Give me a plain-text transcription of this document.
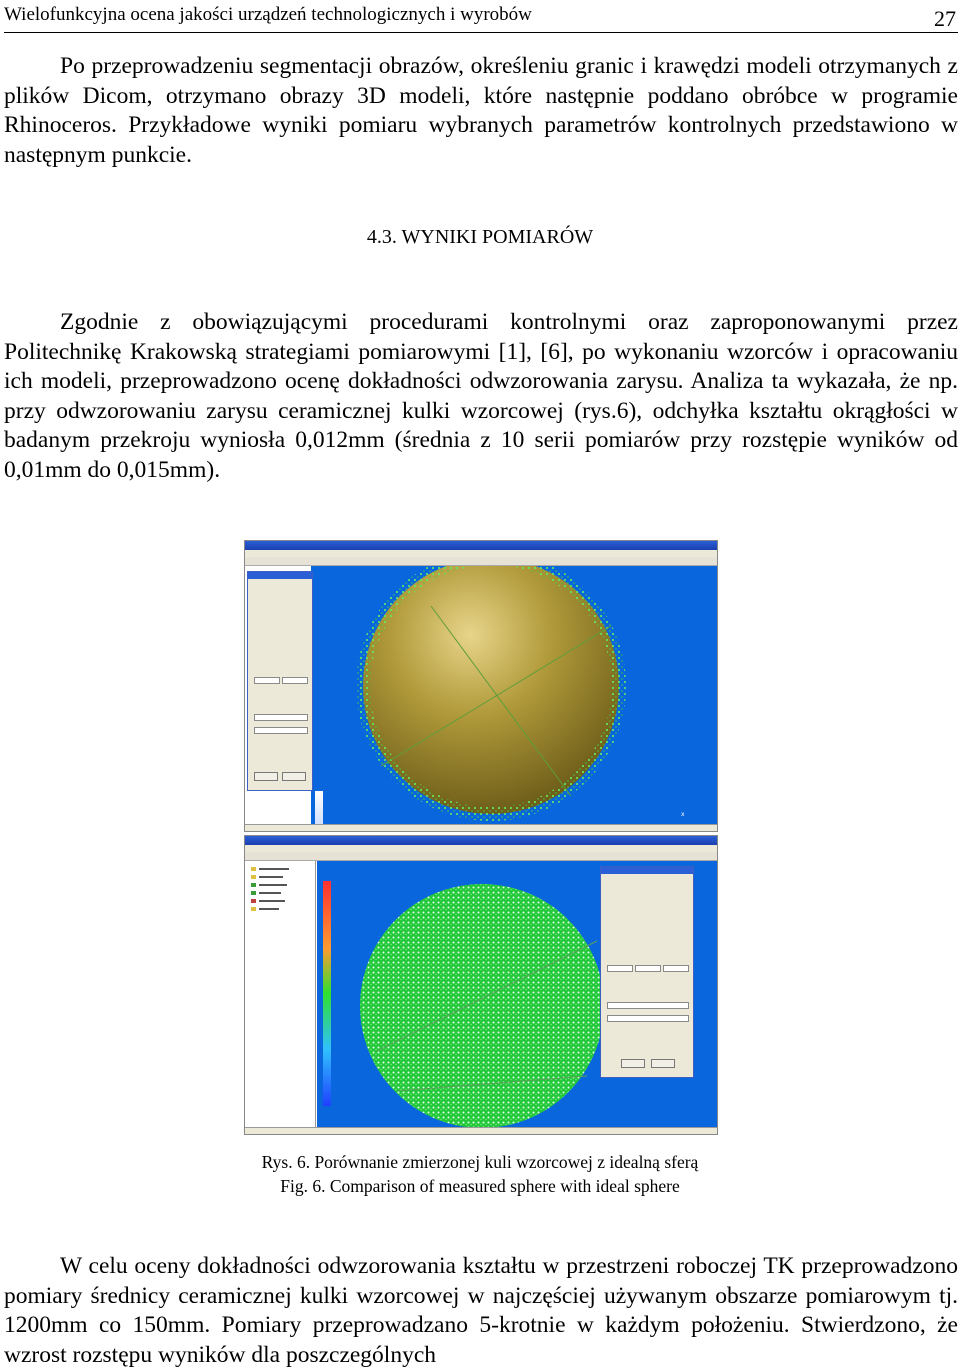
Wielofunkcyjna ocena jakości urządzeń technologicznych i wyrobów	27

Po przeprowadzeniu segmentacji obrazów, określeniu granic i krawędzi modeli otrzymanych z plików Dicom, otrzymano obrazy 3D modeli, które następnie poddano obróbce w programie Rhinoceros. Przykładowe wyniki pomiaru wybranych parametrów kontrolnych przedstawiono w następnym punkcie.

4.3. WYNIKI POMIARÓW

Zgodnie z obowiązującymi procedurami kontrolnymi oraz zaproponowanymi przez Politechnikę Krakowską strategiami pomiarowymi [1], [6], po wykonaniu wzorców i opracowaniu ich modeli, przeprowadzono ocenę dokładności odwzorowania zarysu. Analiza ta wykazała, że np. przy odwzorowaniu zarysu ceramicznej kulki wzorcowej (rys.6), odchyłka kształtu okrągłości w badanym przekroju wyniosła 0,012mm (średnia z 10 serii pomiarów przy rozstępie wyników od 0,01mm do 0,015mm).

x
Rys. 6. Porównanie zmierzonej kuli wzorcowej z idealną sferą
Fig. 6. Comparison of measured sphere with ideal sphere

W celu oceny dokładności odwzorowania kształtu w przestrzeni roboczej TK przeprowadzono pomiary średnicy ceramicznej kulki wzorcowej w najczęściej używanym obszarze pomiarowym tj. 1200mm co 150mm. Pomiary przeprowadzano 5-krotnie w każdym położeniu. Stwierdzono, że wzrost rozstępu wyników dla poszczególnych
